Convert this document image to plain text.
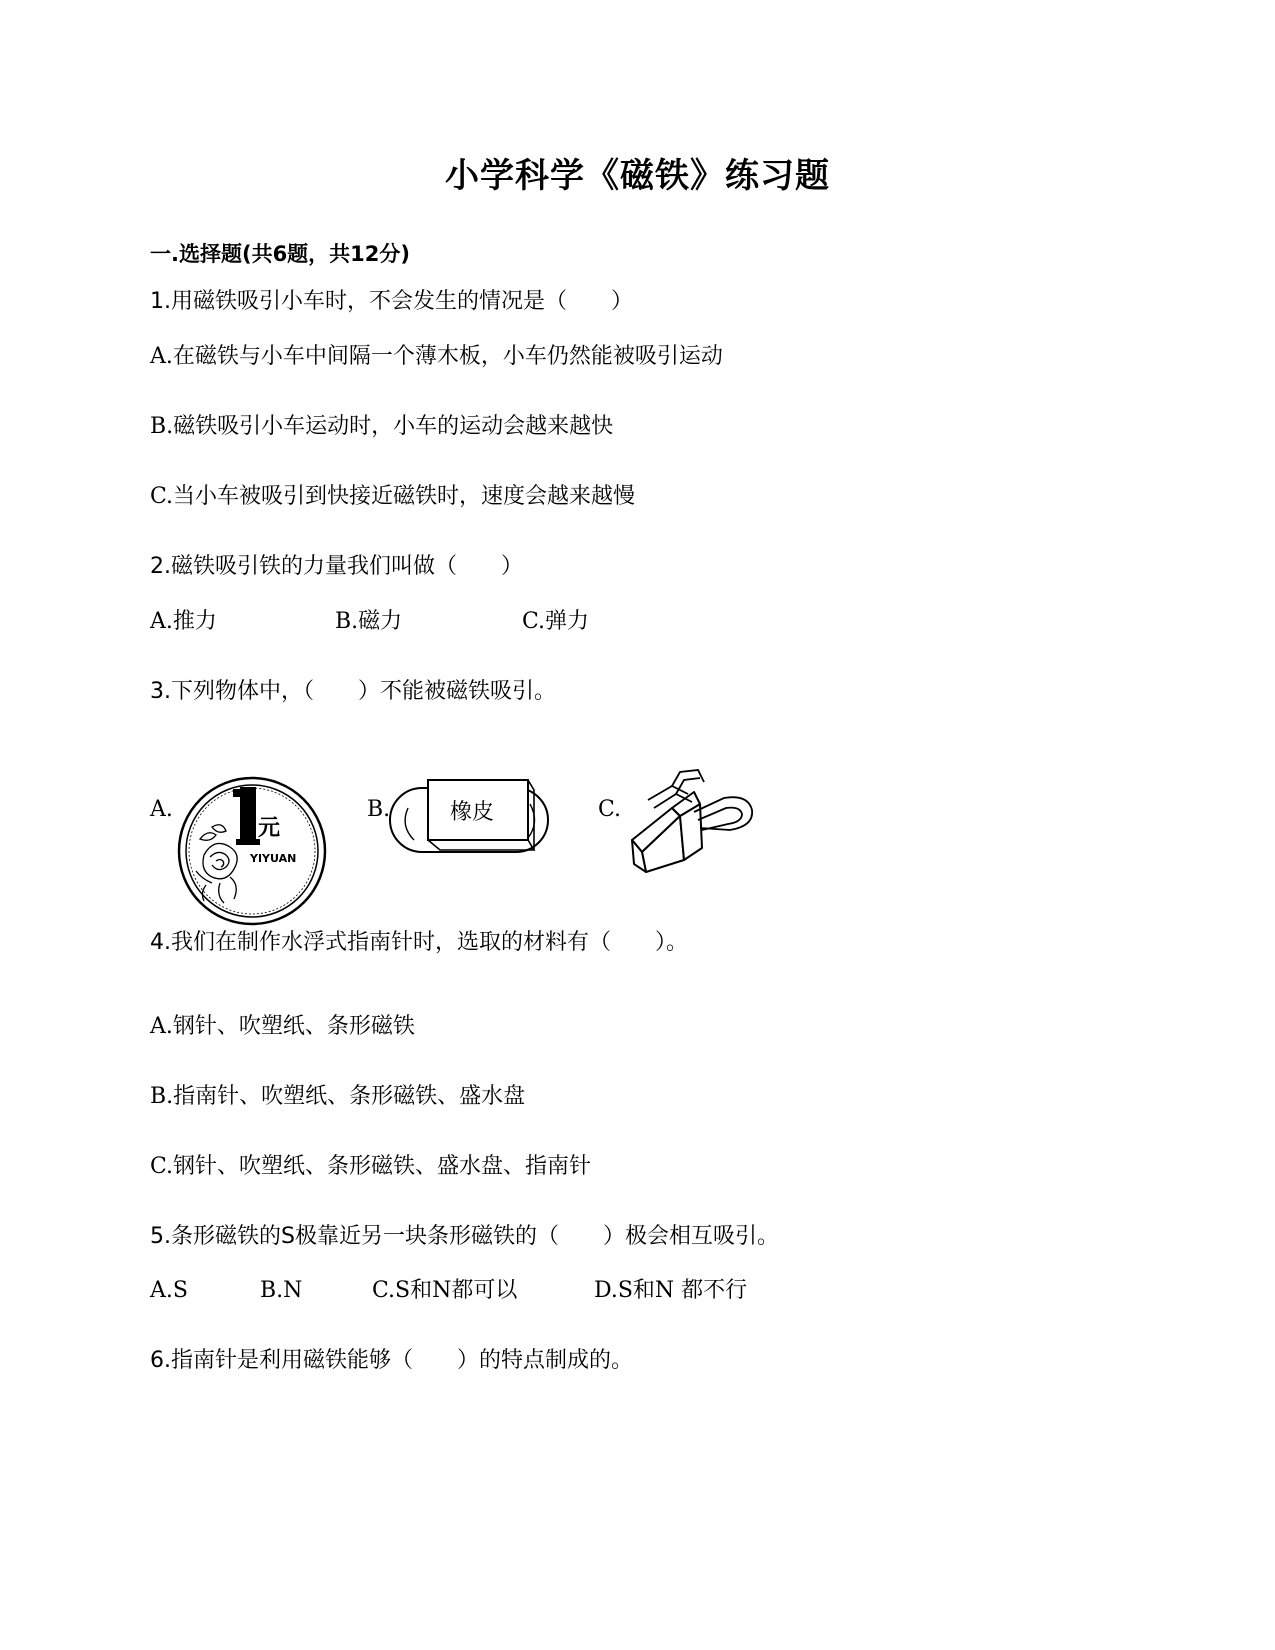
小学科学《磁铁》练习题
一.选择题(共6题，共12分)
1.用磁铁吸引小车时，不会发生的情况是（　　）
A.在磁铁与小车中间隔一个薄木板，小车仍然能被吸引运动
B.磁铁吸引小车运动时，小车的运动会越来越快
C.当小车被吸引到快接近磁铁时，速度会越来越慢
2.磁铁吸引铁的力量我们叫做（　　）
A.推力	B.磁力	C.弹力
3.下列物体中，（　　）不能被磁铁吸引。
A.
元
YIYUAN
B.	橡皮	C.
4.我们在制作水浮式指南针时，选取的材料有（　　）。
A.钢针、吹塑纸、条形磁铁
B.指南针、吹塑纸、条形磁铁、盛水盘
C.钢针、吹塑纸、条形磁铁、盛水盘、指南针
5.条形磁铁的S极靠近另一块条形磁铁的（　　）极会相互吸引。
A.S	B.N	C.S和N都可以	D.S和N 都不行
6.指南针是利用磁铁能够（　　）的特点制成的。
